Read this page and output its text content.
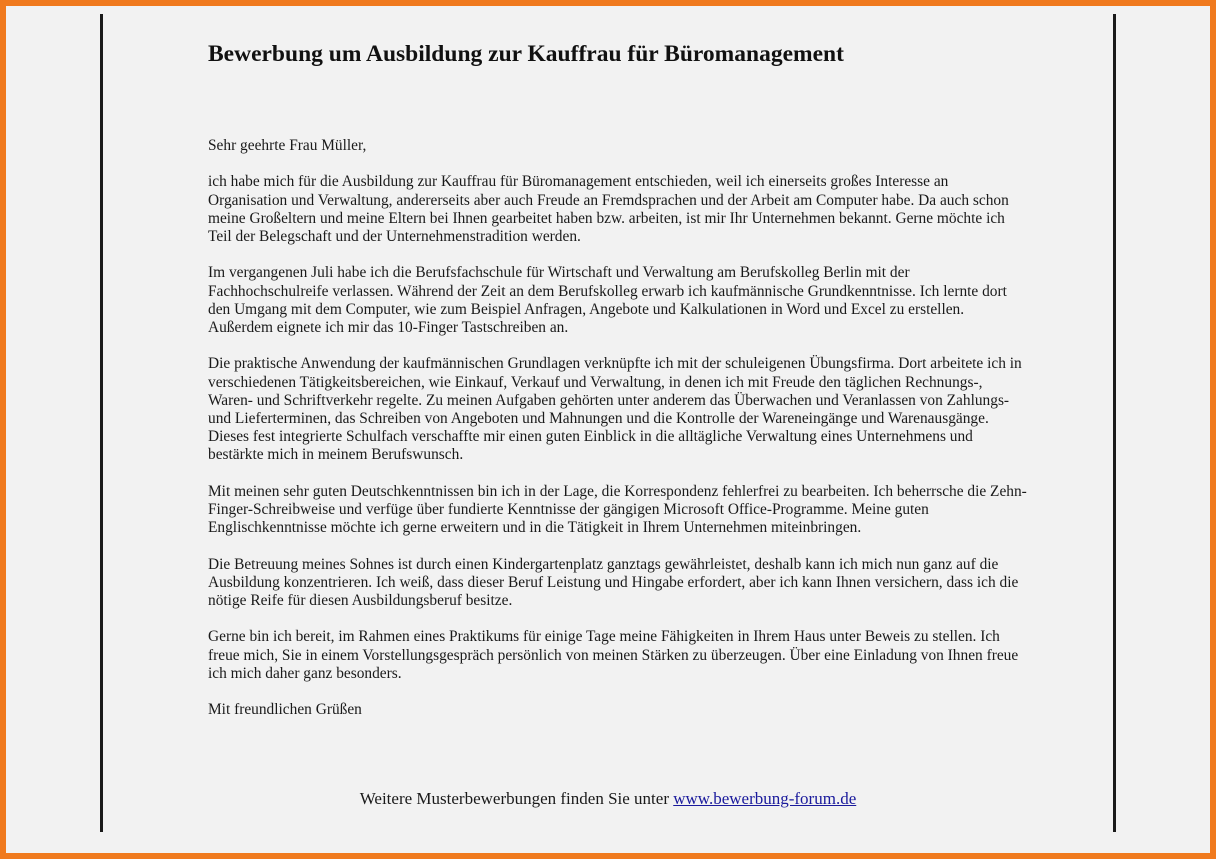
Bewerbung um Ausbildung zur Kauffrau für Büromanagement

Sehr geehrte Frau Müller,

ich habe mich für die Ausbildung zur Kauffrau für Büromanagement entschieden, weil ich einerseits großes Interesse an Organisation und Verwaltung, andererseits aber auch Freude an Fremdsprachen und der Arbeit am Computer habe. Da auch schon meine Großeltern und meine Eltern bei Ihnen gearbeitet haben bzw. arbeiten, ist mir Ihr Unternehmen bekannt. Gerne möchte ich Teil der Belegschaft und der Unternehmenstradition werden.

Im vergangenen Juli habe ich die Berufsfachschule für Wirtschaft und Verwaltung am Berufskolleg Berlin mit der Fachhochschulreife verlassen. Während der Zeit an dem Berufskolleg erwarb ich kaufmännische Grundkenntnisse. Ich lernte dort den Umgang mit dem Computer, wie zum Beispiel Anfragen, Angebote und Kalkulationen in Word und Excel zu erstellen. Außerdem eignete ich mir das 10-Finger Tastschreiben an.

Die praktische Anwendung der kaufmännischen Grundlagen verknüpfte ich mit der schuleigenen Übungsfirma. Dort arbeitete ich in verschiedenen Tätigkeitsbereichen, wie Einkauf, Verkauf und Verwaltung, in denen ich mit Freude den täglichen Rechnungs-, Waren- und Schriftverkehr regelte. Zu meinen Aufgaben gehörten unter anderem das Überwachen und Veranlassen von Zahlungs- und Lieferterminen, das Schreiben von Angeboten und Mahnungen und die Kontrolle der Wareneingänge und Warenausgänge. Dieses fest integrierte Schulfach verschaffte mir einen guten Einblick in die alltägliche Verwaltung eines Unternehmens und bestärkte mich in meinem Berufswunsch.

Mit meinen sehr guten Deutschkenntnissen bin ich in der Lage, die Korrespondenz fehlerfrei zu bearbeiten. Ich beherrsche die Zehn-Finger-Schreibweise und verfüge über fundierte Kenntnisse der gängigen Microsoft Office-Programme. Meine guten Englischkenntnisse möchte ich gerne erweitern und in die Tätigkeit in Ihrem Unternehmen miteinbringen.

Die Betreuung meines Sohnes ist durch einen Kindergartenplatz ganztags gewährleistet, deshalb kann ich mich nun ganz auf die Ausbildung konzentrieren. Ich weiß, dass dieser Beruf Leistung und Hingabe erfordert, aber ich kann Ihnen versichern, dass ich die nötige Reife für diesen Ausbildungsberuf besitze.

Gerne bin ich bereit, im Rahmen eines Praktikums für einige Tage meine Fähigkeiten in Ihrem Haus unter Beweis zu stellen. Ich freue mich, Sie in einem Vorstellungsgespräch persönlich von meinen Stärken zu überzeugen. Über eine Einladung von Ihnen freue ich mich daher ganz besonders.

Mit freundlichen Grüßen

Weitere Musterbewerbungen finden Sie unter www.bewerbung-forum.de
